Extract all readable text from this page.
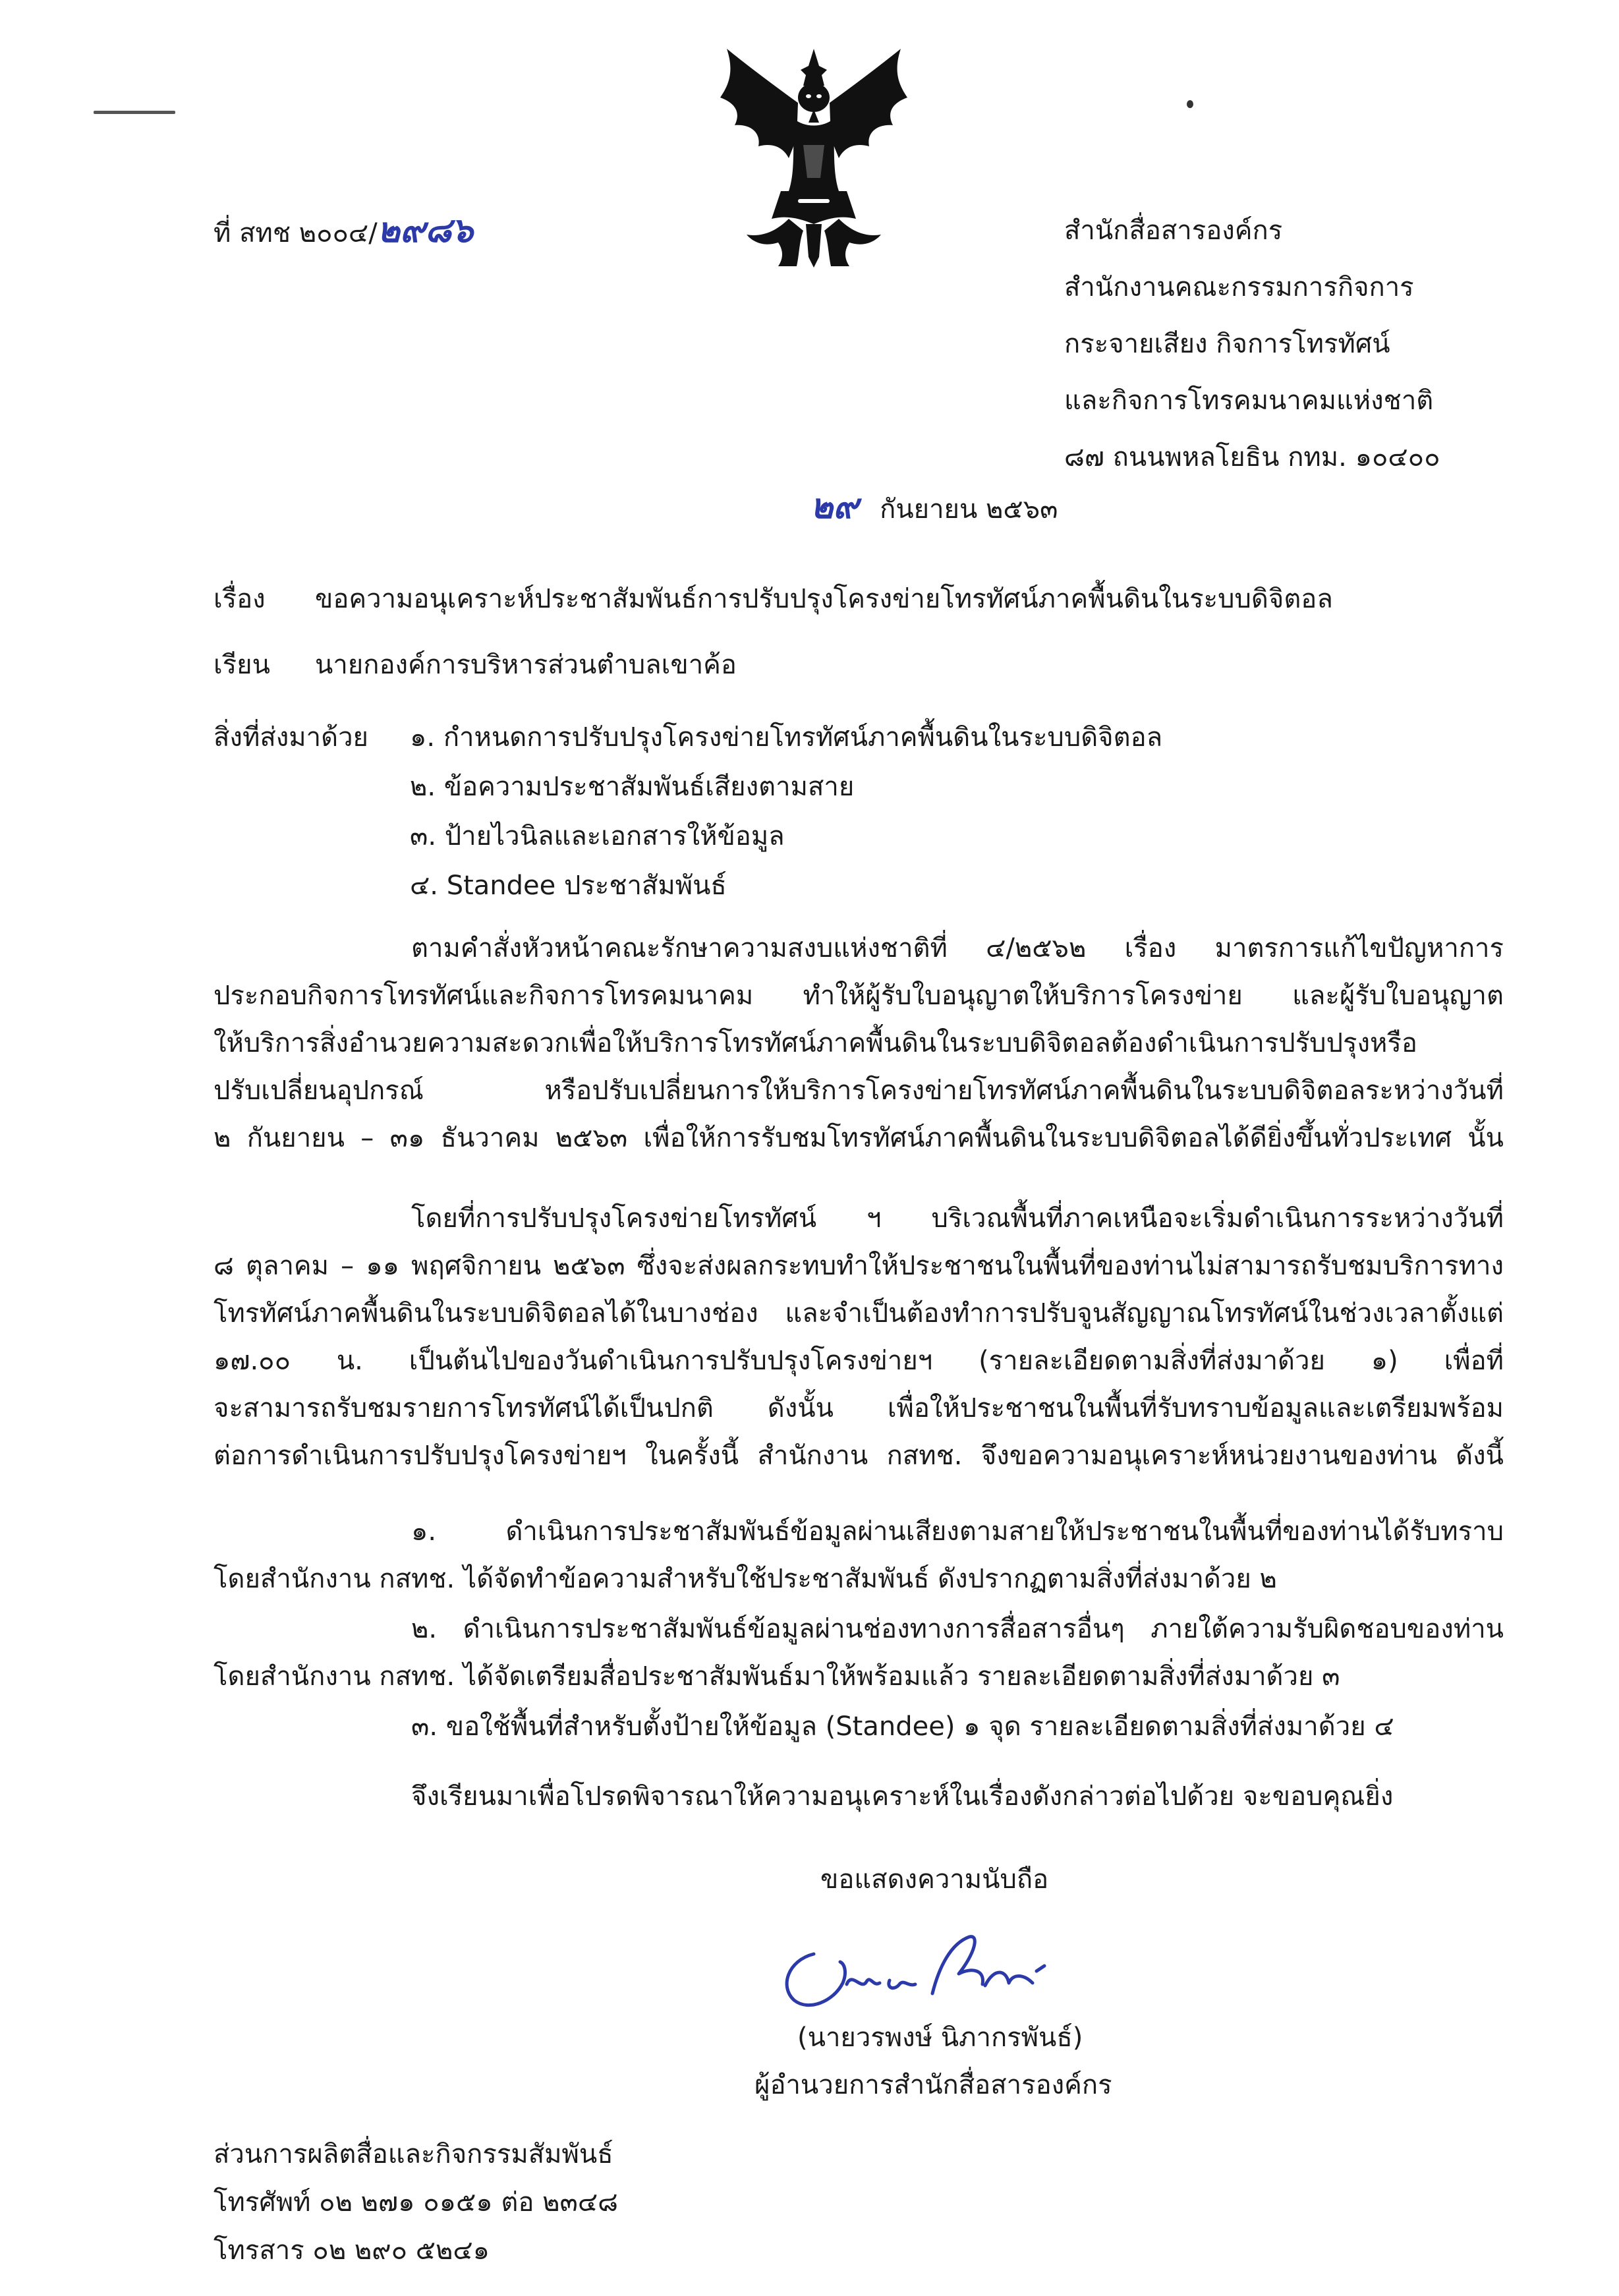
ที่ สทช ๒๐๐๔/๒๙๘๖	สำนักสื่อสารองค์กร
สำนักงานคณะกรรมการกิจการ
กระจายเสียง กิจการโทรทัศน์
และกิจการโทรคมนาคมแห่งชาติ
๘๗ ถนนพหลโยธิน กทม. ๑๐๔๐๐
๒๙ กันยายน ๒๕๖๓
เรื่อง ขอความอนุเคราะห์ประชาสัมพันธ์การปรับปรุงโครงข่ายโทรทัศน์ภาคพื้นดินในระบบดิจิตอล
เรียน นายกองค์การบริหารส่วนตำบลเขาค้อ
สิ่งที่ส่งมาด้วย ๑. กำหนดการปรับปรุงโครงข่ายโทรทัศน์ภาคพื้นดินในระบบดิจิตอล
๒. ข้อความประชาสัมพันธ์เสียงตามสาย
๓. ป้ายไวนิลและเอกสารให้ข้อมูล
๔. Standee ประชาสัมพันธ์
ตามคำสั่งหัวหน้าคณะรักษาความสงบแห่งชาติที่ ๔/๒๕๖๒ เรื่อง มาตรการแก้ไขปัญหาการ
ประกอบกิจการโทรทัศน์และกิจการโทรคมนาคม ทำให้ผู้รับใบอนุญาตให้บริการโครงข่าย และผู้รับใบอนุญาต
ให้บริการสิ่งอำนวยความสะดวกเพื่อให้บริการโทรทัศน์ภาคพื้นดินในระบบดิจิตอลต้องดำเนินการปรับปรุงหรือ
ปรับเปลี่ยนอุปกรณ์ หรือปรับเปลี่ยนการให้บริการโครงข่ายโทรทัศน์ภาคพื้นดินในระบบดิจิตอลระหว่างวันที่
๒ กันยายน – ๓๑ ธันวาคม ๒๕๖๓ เพื่อให้การรับชมโทรทัศน์ภาคพื้นดินในระบบดิจิตอลได้ดียิ่งขึ้นทั่วประเทศ นั้น
โดยที่การปรับปรุงโครงข่ายโทรทัศน์ ฯ บริเวณพื้นที่ภาคเหนือจะเริ่มดำเนินการระหว่างวันที่
๘ ตุลาคม – ๑๑ พฤศจิกายน ๒๕๖๓ ซึ่งจะส่งผลกระทบทำให้ประชาชนในพื้นที่ของท่านไม่สามารถรับชมบริการทาง
โทรทัศน์ภาคพื้นดินในระบบดิจิตอลได้ในบางช่อง และจำเป็นต้องทำการปรับจูนสัญญาณโทรทัศน์ในช่วงเวลาตั้งแต่
๑๗.๐๐ น. เป็นต้นไปของวันดำเนินการปรับปรุงโครงข่ายฯ (รายละเอียดตามสิ่งที่ส่งมาด้วย ๑) เพื่อที่
จะสามารถรับชมรายการโทรทัศน์ได้เป็นปกติ ดังนั้น เพื่อให้ประชาชนในพื้นที่รับทราบข้อมูลและเตรียมพร้อม
ต่อการดำเนินการปรับปรุงโครงข่ายฯ ในครั้งนี้ สำนักงาน กสทช. จึงขอความอนุเคราะห์หน่วยงานของท่าน ดังนี้
๑. ดำเนินการประชาสัมพันธ์ข้อมูลผ่านเสียงตามสายให้ประชาชนในพื้นที่ของท่านได้รับทราบ
โดยสำนักงาน กสทช. ได้จัดทำข้อความสำหรับใช้ประชาสัมพันธ์ ดังปรากฏตามสิ่งที่ส่งมาด้วย ๒
๒. ดำเนินการประชาสัมพันธ์ข้อมูลผ่านช่องทางการสื่อสารอื่นๆ ภายใต้ความรับผิดชอบของท่าน
โดยสำนักงาน กสทช. ได้จัดเตรียมสื่อประชาสัมพันธ์มาให้พร้อมแล้ว รายละเอียดตามสิ่งที่ส่งมาด้วย ๓
๓. ขอใช้พื้นที่สำหรับตั้งป้ายให้ข้อมูล (Standee) ๑ จุด รายละเอียดตามสิ่งที่ส่งมาด้วย ๔
จึงเรียนมาเพื่อโปรดพิจารณาให้ความอนุเคราะห์ในเรื่องดังกล่าวต่อไปด้วย จะขอบคุณยิ่ง
ขอแสดงความนับถือ
(นายวรพงษ์ นิภากรพันธ์)
ผู้อำนวยการสำนักสื่อสารองค์กร
ส่วนการผลิตสื่อและกิจกรรมสัมพันธ์
โทรศัพท์ ๐๒ ๒๗๑ ๐๑๕๑ ต่อ ๒๓๔๘
โทรสาร ๐๒ ๒๙๐ ๕๒๔๑
